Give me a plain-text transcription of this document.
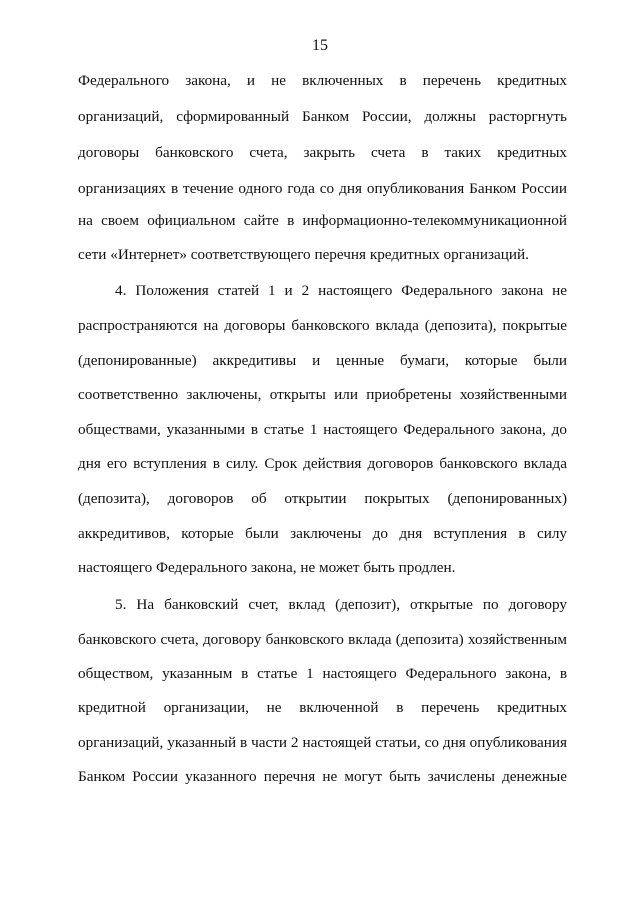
15
Федерального закона, и не включенных в перечень кредитных
организаций, сформированный Банком России, должны расторгнуть
договоры банковского счета, закрыть счета в таких кредитных
организациях в течение одного года со дня опубликования Банком России
на своем официальном сайте в информационно-телекоммуникационной
сети «Интернет» соответствующего перечня кредитных организаций.
4. Положения статей 1 и 2 настоящего Федерального закона не
распространяются на договоры банковского вклада (депозита), покрытые
(депонированные) аккредитивы и ценные бумаги, которые были
соответственно заключены, открыты или приобретены хозяйственными
обществами, указанными в статье 1 настоящего Федерального закона, до
дня его вступления в силу. Срок действия договоров банковского вклада
(депозита), договоров об открытии покрытых (депонированных)
аккредитивов, которые были заключены до дня вступления в силу
настоящего Федерального закона, не может быть продлен.
5. На банковский счет, вклад (депозит), открытые по договору
банковского счета, договору банковского вклада (депозита) хозяйственным
обществом, указанным в статье 1 настоящего Федерального закона, в
кредитной организации, не включенной в перечень кредитных
организаций, указанный в части 2 настоящей статьи, со дня опубликования
Банком России указанного перечня не могут быть зачислены денежные
